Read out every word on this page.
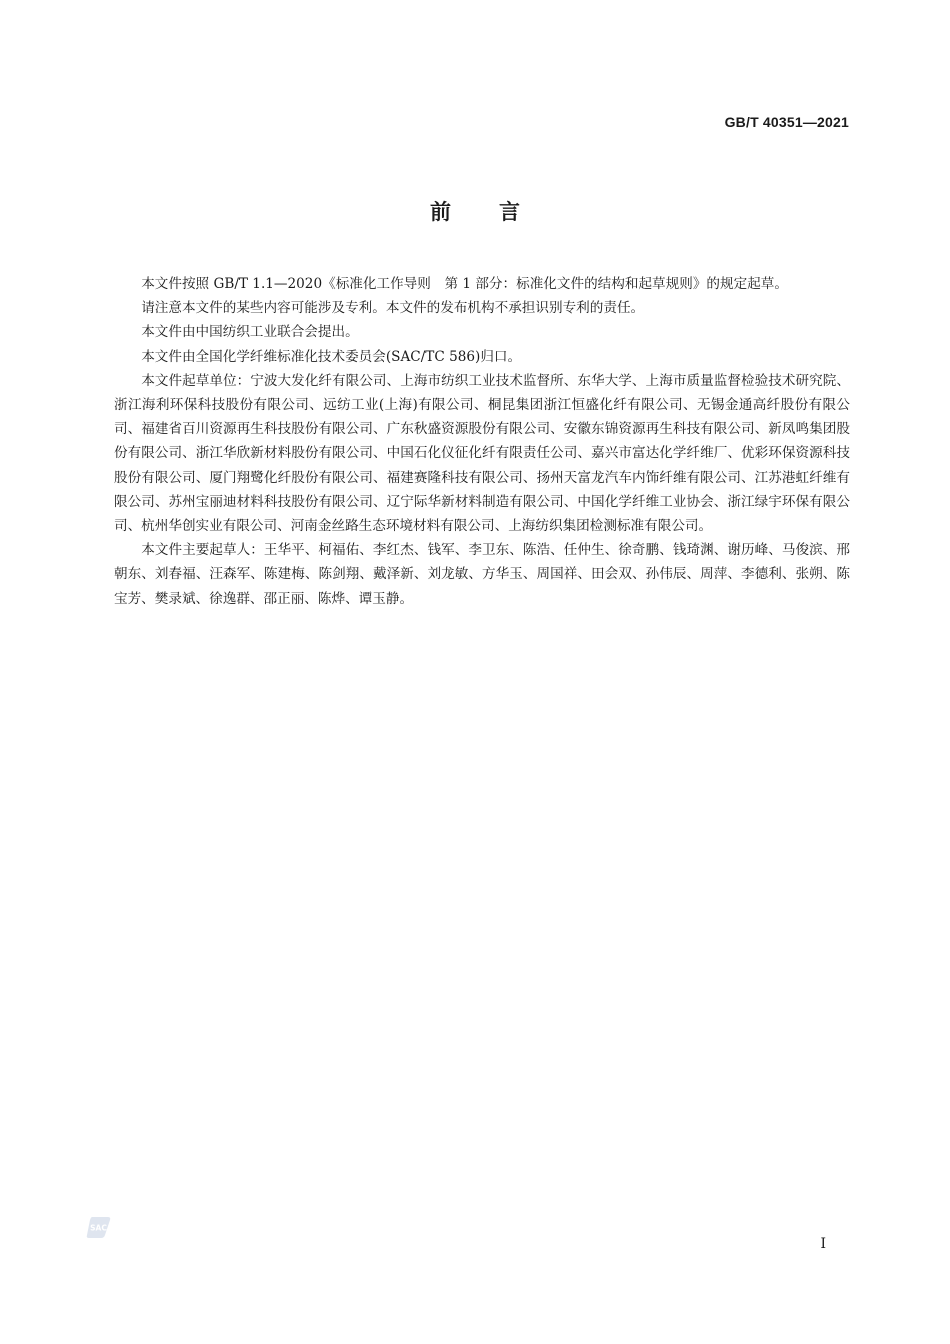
GB/T 40351—2021
前 言

本文件按照 GB/T 1.1—2020《标准化工作导则　第 1 部分：标准化文件的结构和起草规则》的规定起草。

请注意本文件的某些内容可能涉及专利。本文件的发布机构不承担识别专利的责任。

本文件由中国纺织工业联合会提出。

本文件由全国化学纤维标准化技术委员会(SAC/TC 586)归口。

本文件起草单位：宁波大发化纤有限公司、上海市纺织工业技术监督所、东华大学、上海市质量监督检验技术研究院、浙江海利环保科技股份有限公司、远纺工业(上海)有限公司、桐昆集团浙江恒盛化纤有限公司、无锡金通高纤股份有限公司、福建省百川资源再生科技股份有限公司、广东秋盛资源股份有限公司、安徽东锦资源再生科技有限公司、新凤鸣集团股份有限公司、浙江华欣新材料股份有限公司、中国石化仪征化纤有限责任公司、嘉兴市富达化学纤维厂、优彩环保资源科技股份有限公司、厦门翔鹭化纤股份有限公司、福建赛隆科技有限公司、扬州天富龙汽车内饰纤维有限公司、江苏港虹纤维有限公司、苏州宝丽迪材料科技股份有限公司、辽宁际华新材料制造有限公司、中国化学纤维工业协会、浙江绿宇环保有限公司、杭州华创实业有限公司、河南金丝路生态环境材料有限公司、上海纺织集团检测标准有限公司。

本文件主要起草人：王华平、柯福佑、李红杰、钱军、李卫东、陈浩、任仲生、徐奇鹏、钱琦渊、谢历峰、马俊滨、邢朝东、刘春福、汪森军、陈建梅、陈剑翔、戴泽新、刘龙敏、方华玉、周国祥、田会双、孙伟辰、周萍、李德利、张朔、陈宝芳、樊录斌、徐逸群、邵正丽、陈烨、谭玉静。

SAC
I
